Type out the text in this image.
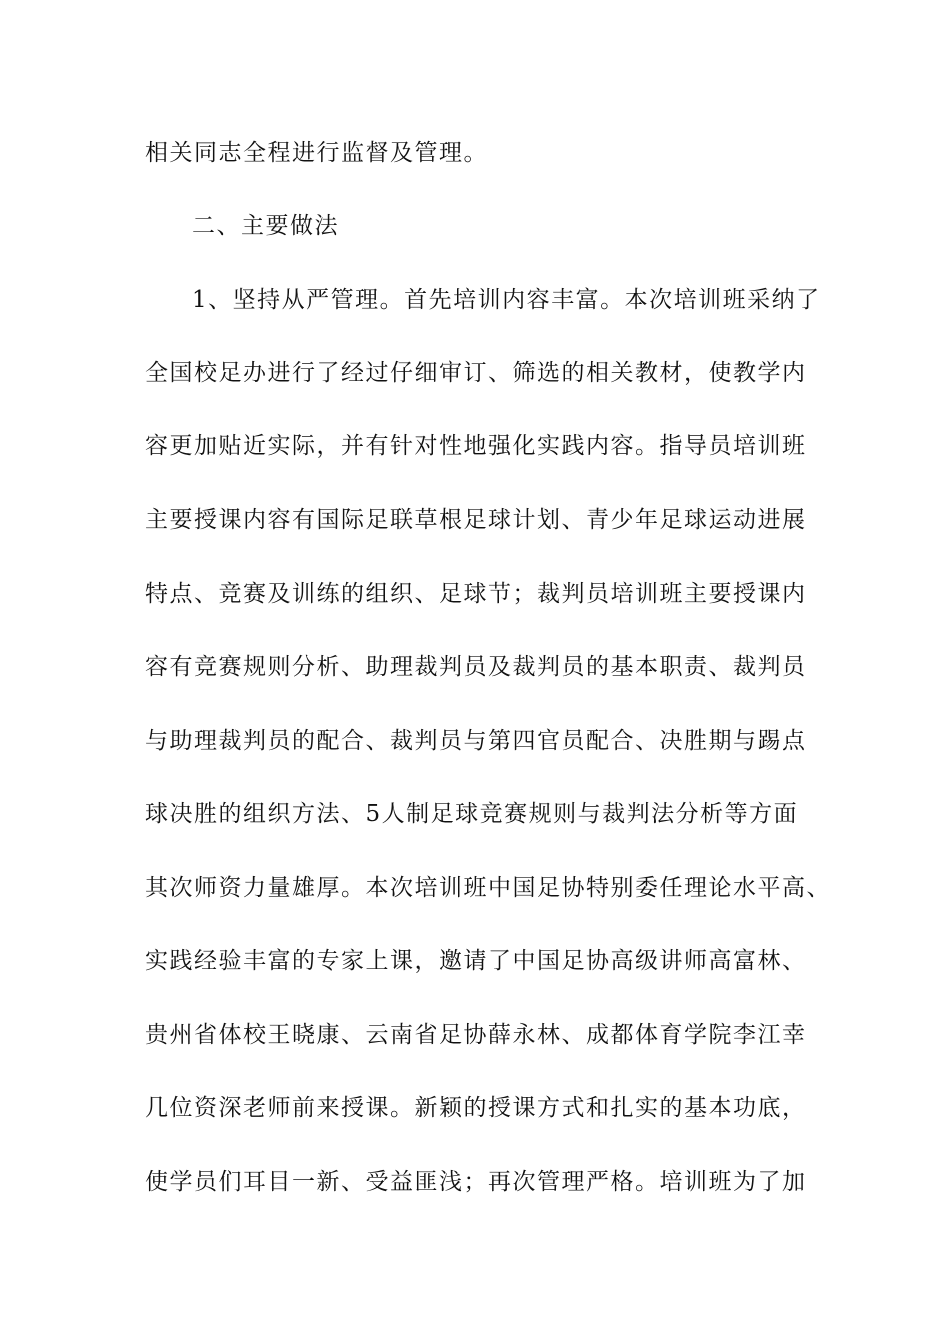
相关同志全程进行监督及管理。
二、主要做法
1、坚持从严管理。首先培训内容丰富。本次培训班采纳了
全国校足办进行了经过仔细审订、筛选的相关教材，使教学内
容更加贴近实际，并有针对性地强化实践内容。指导员培训班
主要授课内容有国际足联草根足球计划、青少年足球运动进展
特点、竞赛及训练的组织、足球节；裁判员培训班主要授课内
容有竞赛规则分析、助理裁判员及裁判员的基本职责、裁判员
与助理裁判员的配合、裁判员与第四官员配合、决胜期与踢点
球决胜的组织方法、5人制足球竞赛规则与裁判法分析等方面
其次师资力量雄厚。本次培训班中国足协特别委任理论水平高、
实践经验丰富的专家上课，邀请了中国足协高级讲师高富林、
贵州省体校王晓康、云南省足协薛永林、成都体育学院李江幸
几位资深老师前来授课。新颖的授课方式和扎实的基本功底，
使学员们耳目一新、受益匪浅；再次管理严格。培训班为了加
